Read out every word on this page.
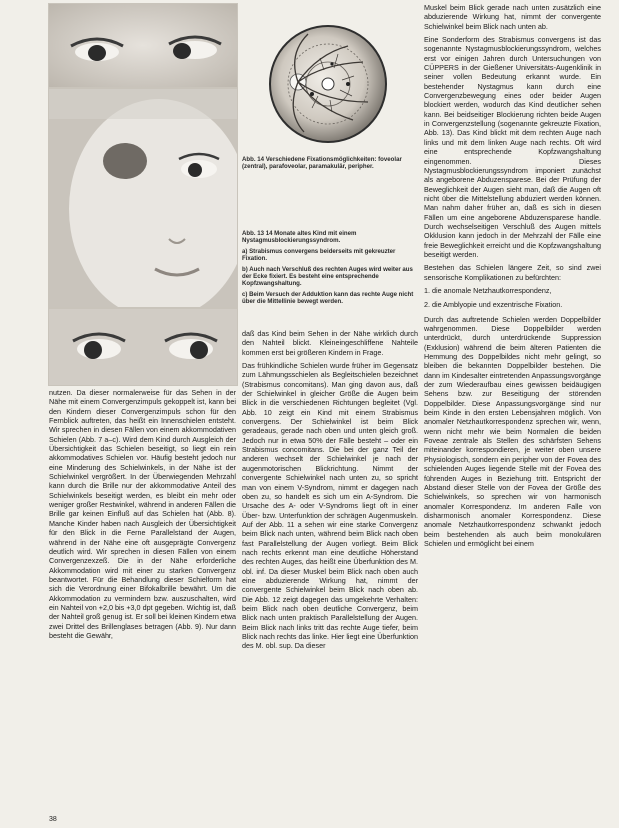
Abb. 14 Verschiedene Fixationsmöglichkeiten: foveolar (zentral), parafoveolar, paramakulär, peripher.

Abb. 13 14 Monate altes Kind mit einem Nystagmusblockierungssyndrom.

a) Strabismus convergens beiderseits mit gekreuzter Fixation.

b) Auch nach Verschluß des rechten Auges wird weiter aus der Ecke fixiert. Es besteht eine entsprechende Kopfzwangshaltung.

c) Beim Versuch der Adduktion kann das rechte Auge nicht über die Mittellinie bewegt werden.

nutzen. Da dieser normalerweise für das Sehen in der Nähe mit einem Convergenzimpuls gekoppelt ist, kann bei den Kindern dieser Convergenzimpuls schon für den Fernblick auftreten, das heißt ein Innenschielen entsteht. Wir sprechen in diesen Fällen von einem akkommodativen Schielen (Abb. 7 a–c). Wird dem Kind durch Ausgleich der Übersichtigkeit das Schielen beseitigt, so liegt ein rein akkommodatives Schielen vor. Häufig besteht jedoch nur eine Minderung des Schielwinkels, in der Nähe ist der Schielwinkel vergrößert. In der Überwiegenden Mehrzahl kann durch die Brille nur der akkommodative Anteil des Schielwinkels beseitigt werden, es bleibt ein mehr oder weniger großer Restwinkel, während in anderen Fällen die Brille gar keinen Einfluß auf das Schielen hat (Abb. 8). Manche Kinder haben nach Ausgleich der Übersichtigkeit für den Blick in die Ferne Parallelstand der Augen, während in der Nähe eine oft ausgeprägte Convergenz deutlich wird. Wir sprechen in diesen Fällen von einem Convergenzexzeß. Die in der Nähe erforderliche Akkommodation wird mit einer zu starken Convergenz beantwortet. Für die Behandlung dieser Schielform hat sich die Verordnung einer Bifokalbrille bewährt. Um die Akkommodation zu vermindern bzw. auszuschalten, wird ein Nahteil von +2,0 bis +3,0 dpt gegeben. Wichtig ist, daß der Nahteil groß genug ist. Er soll bei kleinen Kindern etwa zwei Drittel des Brillenglases betragen (Abb. 9). Nur dann besteht die Gewähr,

daß das Kind beim Sehen in der Nähe wirklich durch den Nahteil blickt. Kleineingeschliffene Nahteile kommen erst bei größeren Kindern in Frage.

Das frühkindliche Schielen wurde früher im Gegensatz zum Lähmungsschielen als Begleitschielen bezeichnet (Strabismus concomitans). Man ging davon aus, daß der Schielwinkel in gleicher Größe die Augen beim Blick in die verschiedenen Richtungen begleitet (Vgl. Abb. 10 zeigt ein Kind mit einem Strabismus convergens. Der Schielwinkel ist beim Blick geradeaus, gerade nach oben und unten gleich groß. Jedoch nur in etwa 50% der Fälle besteht – oder ein Strabismus concomitans. Die bei der ganz Teil der anderen wechselt der Schielwinkel je nach der augenmotorischen Blickrichtung. Nimmt der convergente Schielwinkel nach unten zu, so spricht man von einem V-Syndrom, nimmt er dagegen nach oben zu, so handelt es sich um ein A-Syndrom. Die Ursache des A- oder V-Syndroms liegt oft in einer Über- bzw. Unterfunktion der schrägen Augenmuskeln. Auf der Abb. 11 a sehen wir eine starke Convergenz beim Blick nach unten, während beim Blick nach oben fast Parallelstellung der Augen vorliegt. Beim Blick nach rechts erkennt man eine deutliche Höherstand des rechten Auges, das heißt eine Überfunktion des M. obl. inf. Da dieser Muskel beim Blick nach oben auch eine abduzierende Wirkung hat, nimmt der convergente Schielwinkel beim Blick nach oben ab. Die Abb. 12 zeigt dagegen das umgekehrte Verhalten: beim Blick nach oben deutliche Convergenz, beim Blick nach unten praktisch Parallelstellung der Augen. Beim Blick nach links tritt das rechte Auge tiefer, beim Blick nach rechts das linke. Hier liegt eine Überfunktion des M. obl. sup. Da dieser

Muskel beim Blick gerade nach unten zusätzlich eine abduzierende Wirkung hat, nimmt der convergente Schielwinkel beim Blick nach unten ab.

Eine Sonderform des Strabismus convergens ist das sogenannte Nystagmusblockierungssyndrom, welches erst vor einigen Jahren durch Untersuchungen von CÜPPERS in der Gießener Universitäts-Augenklinik in seiner vollen Bedeutung erkannt wurde. Ein bestehender Nystagmus kann durch eine Convergenzbewegung eines oder beider Augen blockiert werden, wodurch das Kind deutlicher sehen kann. Bei beidseitiger Blockierung richten beide Augen in Convergenzstellung (sogenannte gekreuzte Fixation, Abb. 13). Das Kind blickt mit dem rechten Auge nach links und mit dem linken Auge nach rechts. Oft wird eine entsprechende Kopfzwangshaltung eingenommen. Dieses Nystagmusblockierungssyndrom imponiert zunächst als angeborene Abduzensparese. Bei der Prüfung der Beweglichkeit der Augen sieht man, daß die Augen oft nicht über die Mittelstellung abduziert werden können. Man nahm daher früher an, daß es sich in diesen Fällen um eine angeborene Abduzensparese handle. Durch wechselseitigen Verschluß des Augen mittels Okklusion kann jedoch in der Mehrzahl der Fälle eine freie Beweglichkeit erreicht und die Kopfzwangshaltung beseitigt werden.

Bestehen das Schielen längere Zeit, so sind zwei sensorische Komplikationen zu befürchten:

1. die anomale Netzhautkorrespondenz,

2. die Amblyopie und exzentrische Fixation.

Durch das auftretende Schielen werden Doppelbilder wahrgenommen. Diese Doppelbilder werden unterdrückt, durch unterdrückende Suppression (Exklusion) während die beim älteren Patienten die Hemmung des Doppelbildes nicht mehr gelingt, so bleiben die bekannten Doppelbilder bestehen. Die dann im Kindesalter eintretenden Anpassungsvorgänge der zum Wiederaufbau eines gewissen beidäugigen Sehens bzw. zur Beseitigung der störenden Doppelbilder. Diese Anpassungsvorgänge sind nur beim Kinde in den ersten Lebensjahren möglich. Von anomaler Netzhautkorrespondenz sprechen wir, wenn, wenn nicht mehr wie beim Normalen die beiden Foveae zentrale als Stellen des schärfsten Sehens miteinander korrespondieren, je weiter oben unsere Physiologisch, sondern ein peripher von der Fovea des schielenden Auges liegende Stelle mit der Fovea des führenden Auges in Beziehung tritt. Entspricht der Abstand dieser Stelle von der Fovea der Größe des Schielwinkels, so sprechen wir von harmonisch anomaler Korrespondenz. Im anderen Falle von disharmonisch anomaler Korrespondenz. Diese anomale Netzhautkorrespondenz schwankt jedoch beim bestehenden als auch beim monokulären Schielen und ermöglicht bei einem

38
